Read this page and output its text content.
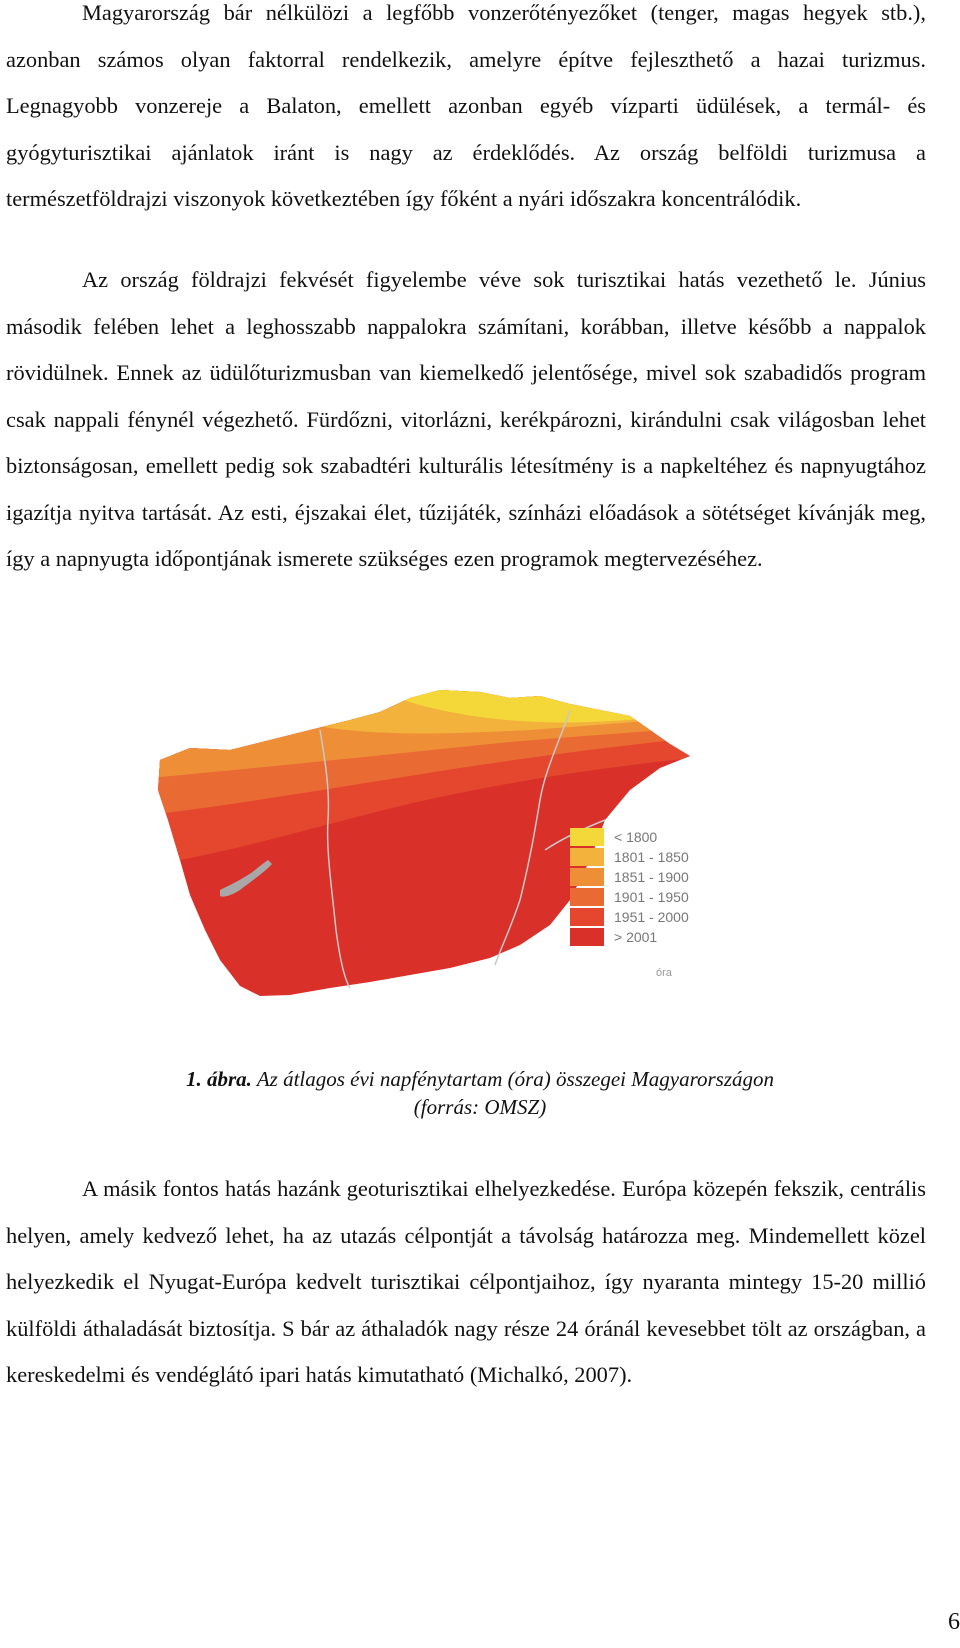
Magyarország bár nélkülözi a legfőbb vonzerőtényezőket (tenger, magas hegyek stb.), azonban számos olyan faktorral rendelkezik, amelyre építve fejleszthető a hazai turizmus. Legnagyobb vonzereje a Balaton, emellett azonban egyéb vízparti üdülések, a termál- és gyógyturisztikai ajánlatok iránt is nagy az érdeklődés. Az ország belföldi turizmusa a természetföldrajzi viszonyok következtében így főként a nyári időszakra koncentrálódik.

Az ország földrajzi fekvését figyelembe véve sok turisztikai hatás vezethető le. Június második felében lehet a leghosszabb nappalokra számítani, korábban, illetve később a nappalok rövidülnek. Ennek az üdülőturizmusban van kiemelkedő jelentősége, mivel sok szabadidős program csak nappali fénynél végezhető. Fürdőzni, vitorlázni, kerékpározni, kirándulni csak világosban lehet biztonságosan, emellett pedig sok szabadtéri kulturális létesítmény is a napkeltéhez és napnyugtához igazítja nyitva tartását. Az esti, éjszakai élet, tűzijáték, színházi előadások a sötétséget kívánják meg, így a napnyugta időpontjának ismerete szükséges ezen programok megtervezéséhez.

< 1800
1801 - 1850
1851 - 1900
1901 - 1950
1951 - 2000
> 2001
óra
1. ábra. Az átlagos évi napfénytartam (óra) összegei Magyarországon
(forrás: OMSZ)

A másik fontos hatás hazánk geoturisztikai elhelyezkedése. Európa közepén fekszik, centrális helyen, amely kedvező lehet, ha az utazás célpontját a távolság határozza meg. Mindemellett közel helyezkedik el Nyugat-Európa kedvelt turisztikai célpontjaihoz, így nyaranta mintegy 15-20 millió külföldi áthaladását biztosítja. S bár az áthaladók nagy része 24 óránál kevesebbet tölt az országban, a kereskedelmi és vendéglátó ipari hatás kimutatható (Michalkó, 2007).

6
